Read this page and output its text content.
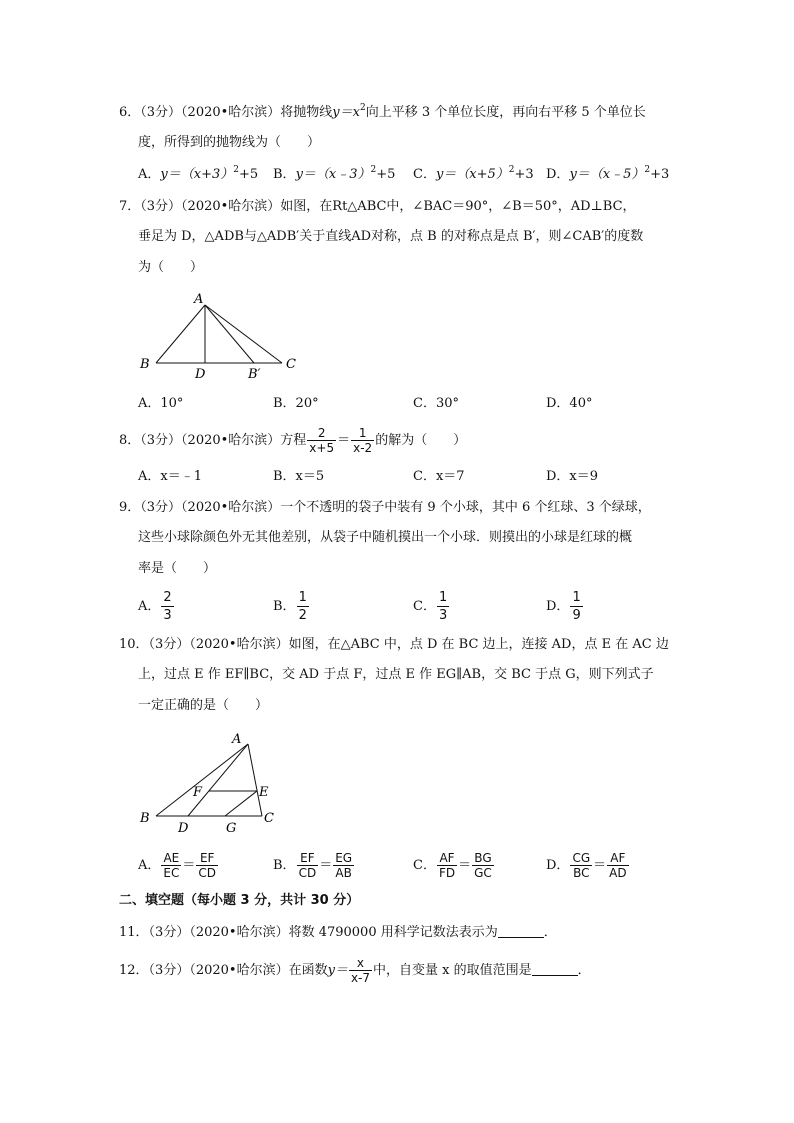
6．（3分）（2020•哈尔滨）将抛物线$y=x^2$向上平移 3 个单位长度，再向右平移 5 个单位长
度，所得到的抛物线为（　　）
A．$y=(x+3)^2+5$ B．y＝（x﹣3）$^2$+5 C．$y=(x+5)^2+3$ D．y＝（x﹣5）$^2$+3
7．（3分）（2020•哈尔滨）如图，在Rt△ABC中，∠BAC＝90°，∠B＝50°，AD⊥BC，
垂足为 D，△ADB与△ADB′关于直线AD对称，点 B 的对称点是点 B′，则∠CAB′的度数
为（　　）
A
B	C
D	B′
A．10°	B．20°	C．30°	D．40°
8．（3分）（2020•哈尔滨）方程 $\frac{2}{x+5} = \frac{1}{x-2}$ 的解为（　　）
A．x＝﹣1	B．x＝5	C．x＝7	D．x＝9
9．（3分）（2020•哈尔滨）一个不透明的袋子中装有 9 个小球，其中 6 个红球、3 个绿球，
这些小球除颜色外无其他差别，从袋子中随机摸出一个小球．则摸出的小球是红球的概
率是（　　）
A． $\frac{2}{3}$	B． $\frac{1}{2}$	C． $\frac{1}{3}$	D． $\frac{1}{9}$
10．（3分）（2020•哈尔滨）如图，在△ABC 中，点 D 在 BC 边上，连接 AD，点 E 在 AC 边
上，过点 E 作 EF∥BC，交 AD 于点 F，过点 E 作 EG∥AB，交 BC 于点 G，则下列式子
一定正确的是（　　）
A
B	C
D
E
F
G
A． $\frac{AE}{EC} = \frac{EF}{CD}$	B． $\frac{EF}{CD} = \frac{EG}{AB}$	C． $\frac{AF}{FD} = \frac{BG}{GC}$	D． $\frac{CG}{BC} = \frac{AF}{AD}$
二、填空题（每小题 3 分，共计 30 分）
11．（3分）（2020•哈尔滨）将数 4790000 用科学记数法表示为	．
12．（3分）（2020•哈尔滨）在函数$y= \frac{x}{x-7}$ 中，自变量 x 的取值范围是	．
